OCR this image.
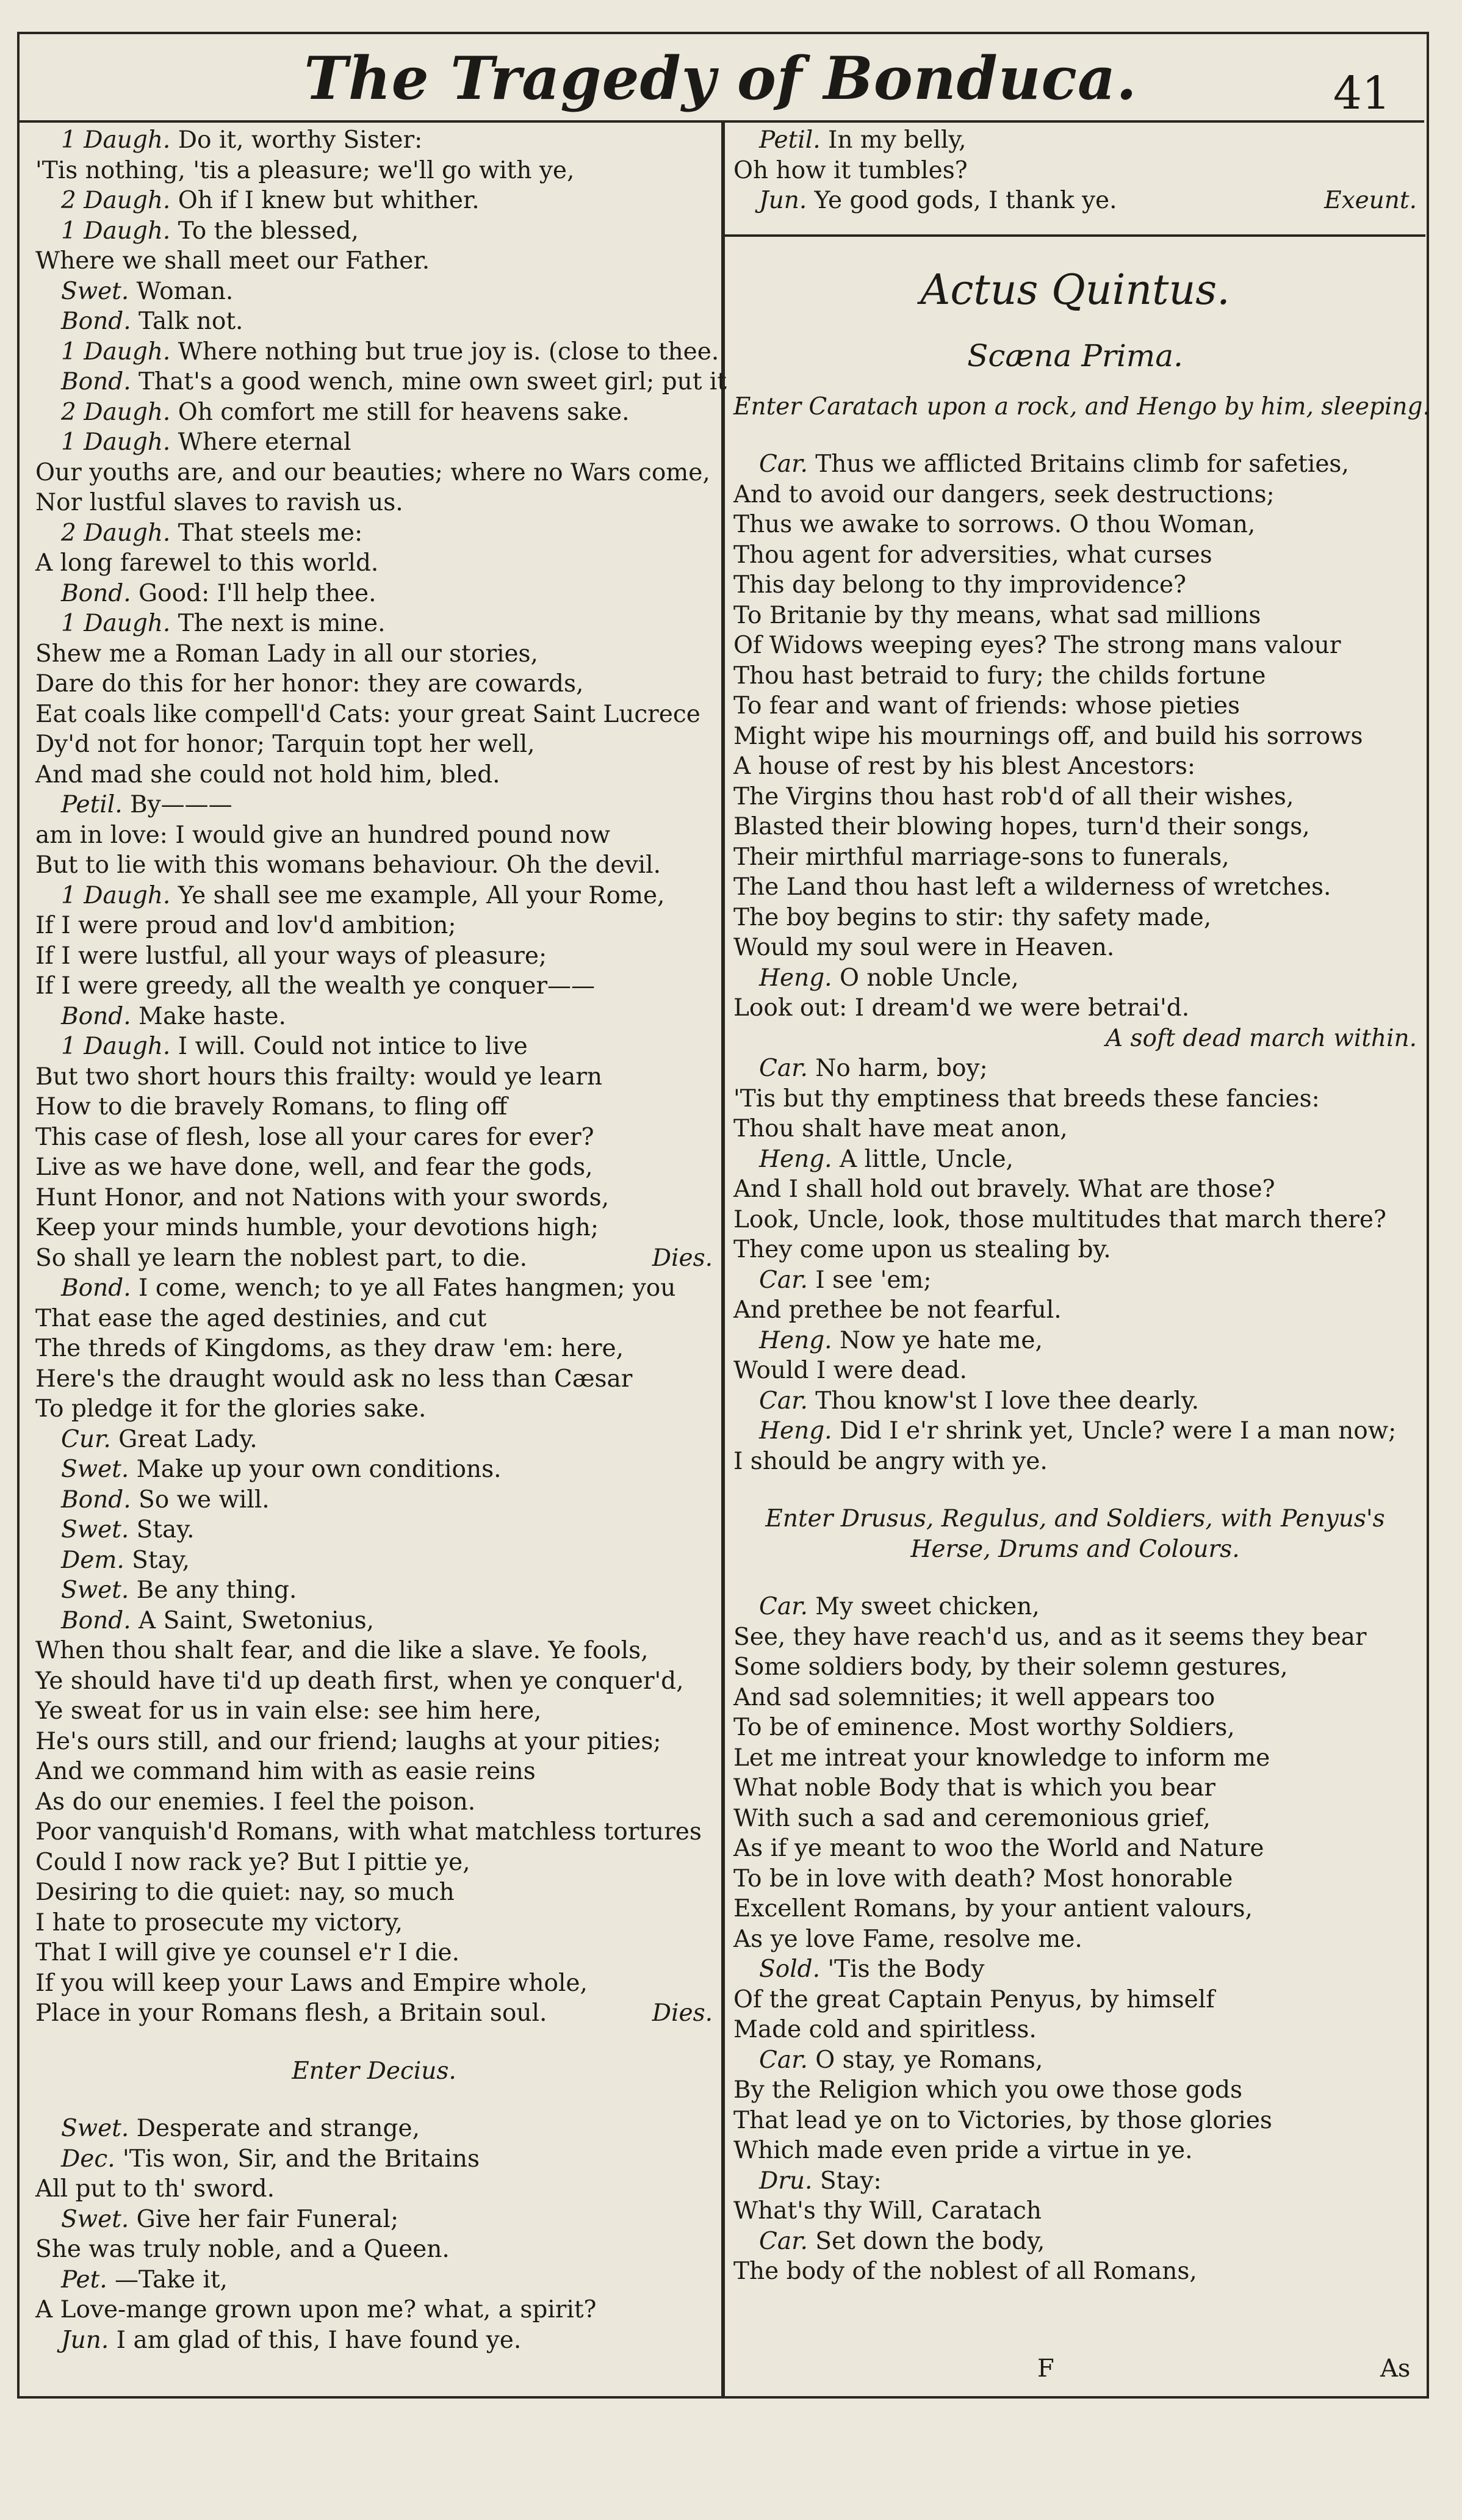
The Tragedy of Bonduca.	41
1 Daugh. Do it, worthy Sister:
'Tis nothing, 'tis a pleasure; we'll go with ye,
2 Daugh. Oh if I knew but whither.
1 Daugh. To the blessed,
Where we shall meet our Father.
Swet. Woman.
Bond. Talk not.
1 Daugh. Where nothing but true joy is. (close to thee.
Bond. That's a good wench, mine own sweet girl; put it
2 Daugh. Oh comfort me still for heavens sake.
1 Daugh. Where eternal
Our youths are, and our beauties; where no Wars come,
Nor lustful slaves to ravish us.
2 Daugh. That steels me:
A long farewel to this world.
Bond. Good: I'll help thee.
1 Daugh. The next is mine.
Shew me a Roman Lady in all our stories,
Dare do this for her honor: they are cowards,
Eat coals like compell'd Cats: your great Saint Lucrece
Dy'd not for honor; Tarquin topt her well,
And mad she could not hold him, bled.
Petil. By———
am in love: I would give an hundred pound now
But to lie with this womans behaviour. Oh the devil.
1 Daugh. Ye shall see me example, All your Rome,
If I were proud and lov'd ambition;
If I were lustful, all your ways of pleasure;
If I were greedy, all the wealth ye conquer——
Bond. Make haste.
1 Daugh. I will. Could not intice to live
But two short hours this frailty: would ye learn
How to die bravely Romans, to fling off
This case of flesh, lose all your cares for ever?
Live as we have done, well, and fear the gods,
Hunt Honor, and not Nations with your swords,
Keep your minds humble, your devotions high;
So shall ye learn the noblest part, to die.	Dies.
Bond. I come, wench; to ye all Fates hangmen; you
That ease the aged destinies, and cut
The threds of Kingdoms, as they draw 'em: here,
Here's the draught would ask no less than Cæsar
To pledge it for the glories sake.
Cur. Great Lady.
Swet. Make up your own conditions.
Bond. So we will.
Swet. Stay.
Dem. Stay,
Swet. Be any thing.
Bond. A Saint, Swetonius,
When thou shalt fear, and die like a slave. Ye fools,
Ye should have ti'd up death first, when ye conquer'd,
Ye sweat for us in vain else: see him here,
He's ours still, and our friend; laughs at your pities;
And we command him with as easie reins
As do our enemies. I feel the poison.
Poor vanquish'd Romans, with what matchless tortures
Could I now rack ye? But I pittie ye,
Desiring to die quiet: nay, so much
I hate to prosecute my victory,
That I will give ye counsel e'r I die.
If you will keep your Laws and Empire whole,
Place in your Romans flesh, a Britain soul.	Dies.
Enter Decius.
Swet. Desperate and strange,
Dec. 'Tis won, Sir, and the Britains
All put to th' sword.
Swet. Give her fair Funeral;
She was truly noble, and a Queen.
Pet. —Take it,
A Love-mange grown upon me? what, a spirit?
Jun. I am glad of this, I have found ye.
Petil. In my belly,
Oh how it tumbles?
Jun. Ye good gods, I thank ye.	Exeunt.
Actus Quintus.
Scæna Prima.
Enter Caratach upon a rock, and Hengo by him, sleeping.
Car. Thus we afflicted Britains climb for safeties,
And to avoid our dangers, seek destructions;
Thus we awake to sorrows. O thou Woman,
Thou agent for adversities, what curses
This day belong to thy improvidence?
To Britanie by thy means, what sad millions
Of Widows weeping eyes? The strong mans valour
Thou hast betraid to fury; the childs fortune
To fear and want of friends: whose pieties
Might wipe his mournings off, and build his sorrows
A house of rest by his blest Ancestors:
The Virgins thou hast rob'd of all their wishes,
Blasted their blowing hopes, turn'd their songs,
Their mirthful marriage-sons to funerals,
The Land thou hast left a wilderness of wretches.
The boy begins to stir: thy safety made,
Would my soul were in Heaven.
Heng. O noble Uncle,
Look out: I dream'd we were betrai'd.
A soft dead march within.
Car. No harm, boy;
'Tis but thy emptiness that breeds these fancies:
Thou shalt have meat anon,
Heng. A little, Uncle,
And I shall hold out bravely. What are those?
Look, Uncle, look, those multitudes that march there?
They come upon us stealing by.
Car. I see 'em;
And prethee be not fearful.
Heng. Now ye hate me,
Would I were dead.
Car. Thou know'st I love thee dearly.
Heng. Did I e'r shrink yet, Uncle? were I a man now;
I should be angry with ye.
Enter Drusus, Regulus, and Soldiers, with Penyus's
Herse, Drums and Colours.
Car. My sweet chicken,
See, they have reach'd us, and as it seems they bear
Some soldiers body, by their solemn gestures,
And sad solemnities; it well appears too
To be of eminence. Most worthy Soldiers,
Let me intreat your knowledge to inform me
What noble Body that is which you bear
With such a sad and ceremonious grief,
As if ye meant to woo the World and Nature
To be in love with death? Most honorable
Excellent Romans, by your antient valours,
As ye love Fame, resolve me.
Sold. 'Tis the Body
Of the great Captain Penyus, by himself
Made cold and spiritless.
Car. O stay, ye Romans,
By the Religion which you owe those gods
That lead ye on to Victories, by those glories
Which made even pride a virtue in ye.
Dru. Stay:
What's thy Will, Caratach
Car. Set down the body,
The body of the noblest of all Romans,
F	As
